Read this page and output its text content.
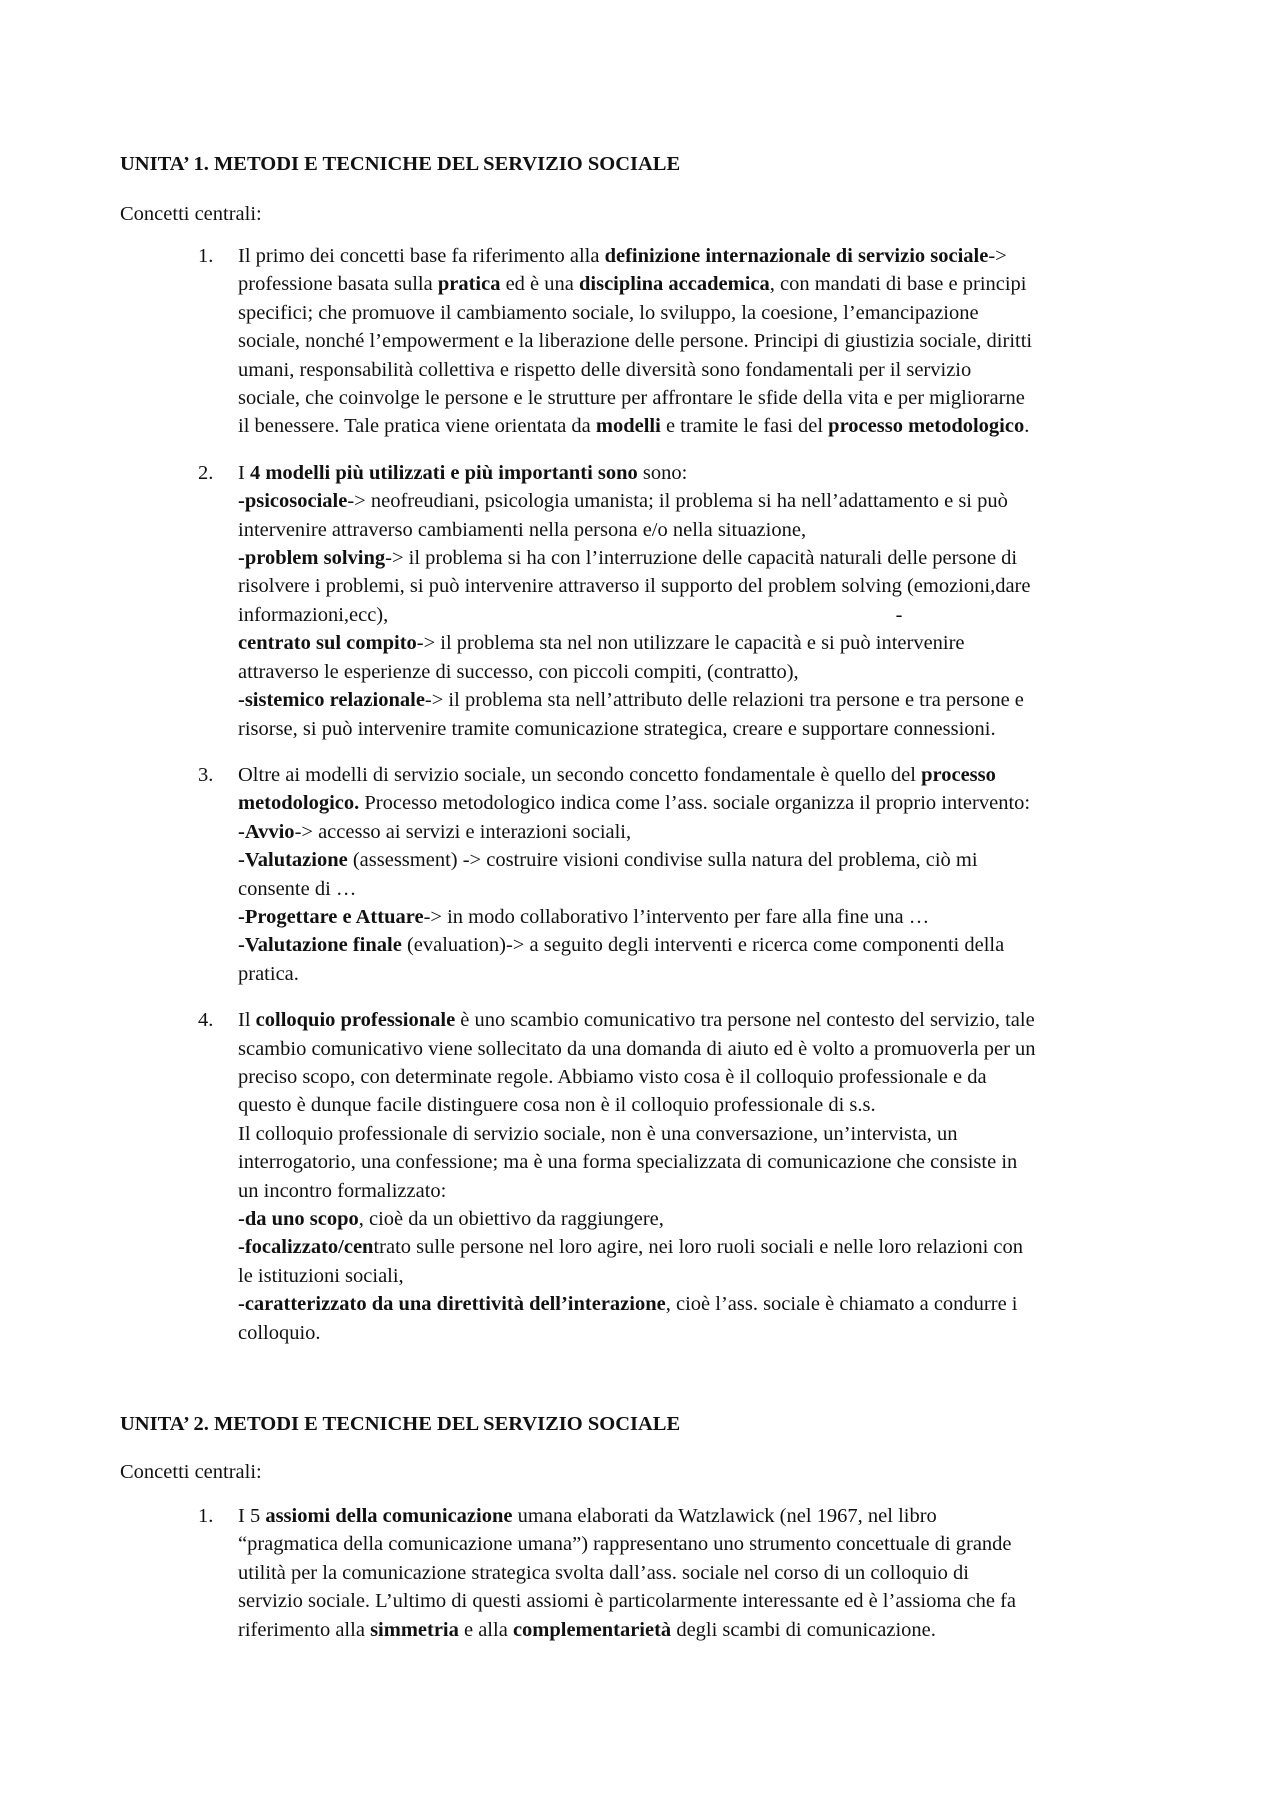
UNITA’ 1. METODI E TECNICHE DEL SERVIZIO SOCIALE

Concetti centrali:

1. Il primo dei concetti base fa riferimento alla definizione internazionale di servizio sociale->
professione basata sulla pratica ed è una disciplina accademica, con mandati di base e principi
specifici; che promuove il cambiamento sociale, lo sviluppo, la coesione, l’emancipazione
sociale, nonché l’empowerment e la liberazione delle persone. Principi di giustizia sociale, diritti
umani, responsabilità collettiva e rispetto delle diversità sono fondamentali per il servizio
sociale, che coinvolge le persone e le strutture per affrontare le sfide della vita e per migliorarne
il benessere. Tale pratica viene orientata da modelli e tramite le fasi del processo metodologico.
2. I 4 modelli più utilizzati e più importanti sono sono:
-psicosociale-> neofreudiani, psicologia umanista; il problema si ha nell’adattamento e si può
intervenire attraverso cambiamenti nella persona e/o nella situazione,
-problem solving-> il problema si ha con l’interruzione delle capacità naturali delle persone di
risolvere i problemi, si può intervenire attraverso il supporto del problem solving (emozioni,dare
informazioni,ecc),                                                                                                   -
centrato sul compito-> il problema sta nel non utilizzare le capacità e si può intervenire
attraverso le esperienze di successo, con piccoli compiti, (contratto),
-sistemico relazionale-> il problema sta nell’attributo delle relazioni tra persone e tra persone e
risorse, si può intervenire tramite comunicazione strategica, creare e supportare connessioni.
3. Oltre ai modelli di servizio sociale, un secondo concetto fondamentale è quello del processo
metodologico. Processo metodologico indica come l’ass. sociale organizza il proprio intervento:
-Avvio-> accesso ai servizi e interazioni sociali,
-Valutazione (assessment) -> costruire visioni condivise sulla natura del problema, ciò mi
consente di …
-Progettare e Attuare-> in modo collaborativo l’intervento per fare alla fine una …
-Valutazione finale (evaluation)-> a seguito degli interventi e ricerca come componenti della
pratica.
4. Il colloquio professionale è uno scambio comunicativo tra persone nel contesto del servizio, tale
scambio comunicativo viene sollecitato da una domanda di aiuto ed è volto a promuoverla per un
preciso scopo, con determinate regole. Abbiamo visto cosa è il colloquio professionale e da
questo è dunque facile distinguere cosa non è il colloquio professionale di s.s.
Il colloquio professionale di servizio sociale, non è una conversazione, un’intervista, un
interrogatorio, una confessione; ma è una forma specializzata di comunicazione che consiste in
un incontro formalizzato:
-da uno scopo, cioè da un obiettivo da raggiungere,
-focalizzato/centrato sulle persone nel loro agire, nei loro ruoli sociali e nelle loro relazioni con
le istituzioni sociali,
-caratterizzato da una direttività dell’interazione, cioè l’ass. sociale è chiamato a condurre i
colloquio.
UNITA’ 2. METODI E TECNICHE DEL SERVIZIO SOCIALE

Concetti centrali:

1. I 5 assiomi della comunicazione umana elaborati da Watzlawick (nel 1967, nel libro
“pragmatica della comunicazione umana”) rappresentano uno strumento concettuale di grande
utilità per la comunicazione strategica svolta dall’ass. sociale nel corso di un colloquio di
servizio sociale. L’ultimo di questi assiomi è particolarmente interessante ed è l’assioma che fa
riferimento alla simmetria e alla complementarietà degli scambi di comunicazione.
